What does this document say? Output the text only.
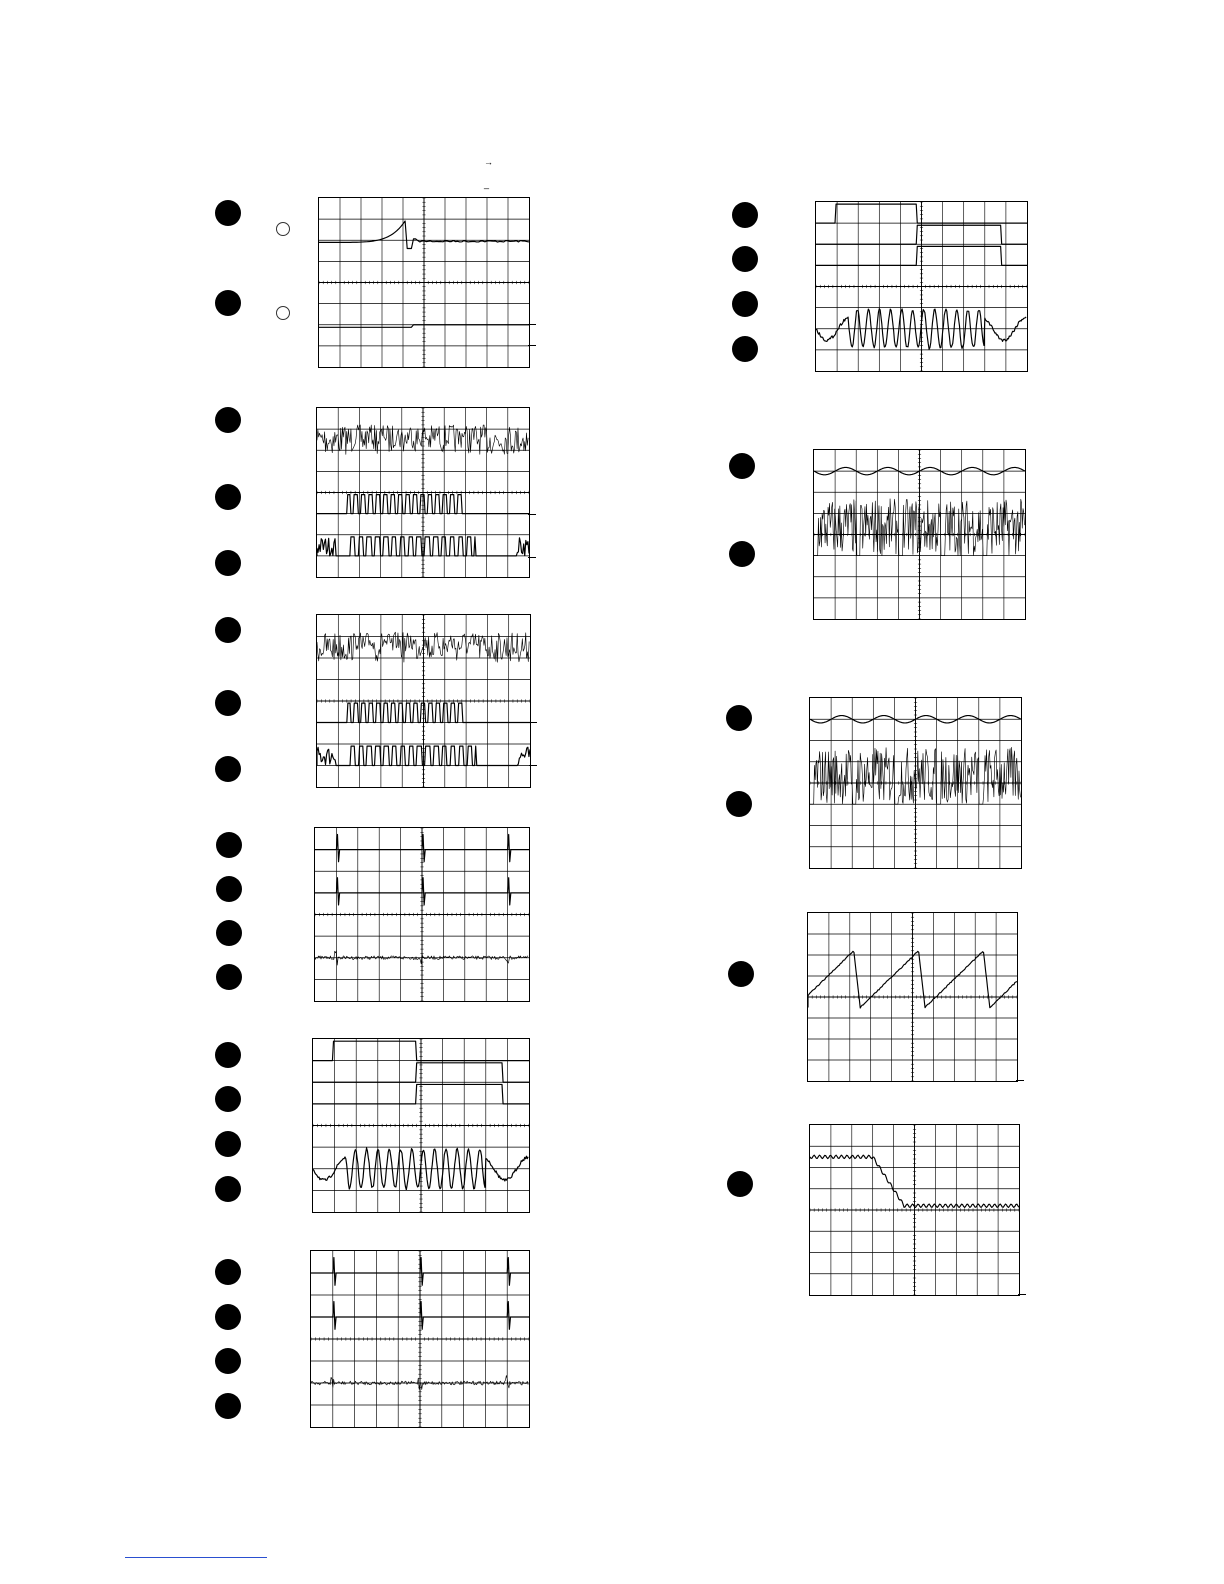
→
_
